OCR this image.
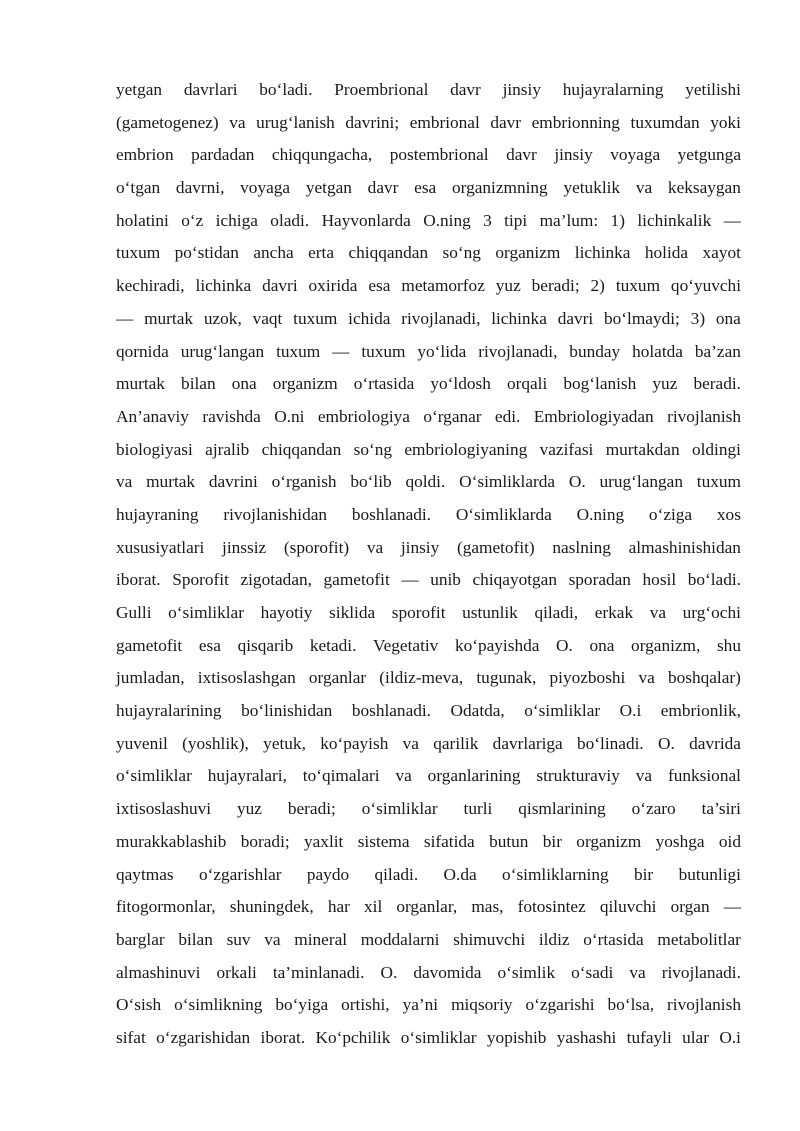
yetgan davrlari bo‘ladi. Proembrional davr jinsiy hujayralarning yetilishi
(gametogenez) va urug‘lanish davrini; embrional davr embrionning tuxumdan yoki
embrion pardadan chiqqungacha, postembrional davr jinsiy voyaga yetgunga
o‘tgan davrni, voyaga yetgan davr esa organizmning yetuklik va keksaygan
holatini o‘z ichiga oladi. Hayvonlarda O.ning 3 tipi ma’lum: 1) lichinkalik —
tuxum po‘stidan ancha erta chiqqandan so‘ng organizm lichinka holida xayot
kechiradi, lichinka davri oxirida esa metamorfoz yuz beradi; 2) tuxum qo‘yuvchi
— murtak uzok, vaqt tuxum ichida rivojlanadi, lichinka davri bo‘lmaydi; 3) ona
qornida urug‘langan tuxum — tuxum yo‘lida rivojlanadi, bunday holatda ba’zan
murtak bilan ona organizm o‘rtasida yo‘ldosh orqali bog‘lanish yuz beradi.
An’anaviy ravishda O.ni embriologiya o‘rganar edi. Embriologiyadan rivojlanish
biologiyasi ajralib chiqqandan so‘ng embriologiyaning vazifasi murtakdan oldingi
va murtak davrini o‘rganish bo‘lib qoldi. O‘simliklarda O. urug‘langan tuxum
hujayraning rivojlanishidan boshlanadi. O‘simliklarda O.ning o‘ziga xos
xususiyatlari jinssiz (sporofit) va jinsiy (gametofit) naslning almashinishidan
iborat. Sporofit zigotadan, gametofit — unib chiqayotgan sporadan hosil bo‘ladi.
Gulli o‘simliklar hayotiy siklida sporofit ustunlik qiladi, erkak va urg‘ochi
gametofit esa qisqarib ketadi. Vegetativ ko‘payishda O. ona organizm, shu
jumladan, ixtisoslashgan organlar (ildiz-meva, tugunak, piyozboshi va boshqalar)
hujayralarining bo‘linishidan boshlanadi. Odatda, o‘simliklar O.i embrionlik,
yuvenil (yoshlik), yetuk, ko‘payish va qarilik davrlariga bo‘linadi. O. davrida
o‘simliklar hujayralari, to‘qimalari va organlarining strukturaviy va funksional
ixtisoslashuvi yuz beradi; o‘simliklar turli qismlarining o‘zaro ta’siri
murakkablashib boradi; yaxlit sistema sifatida butun bir organizm yoshga oid
qaytmas o‘zgarishlar paydo qiladi. O.da o‘simliklarning bir butunligi
fitogormonlar, shuningdek, har xil organlar, mas, fotosintez qiluvchi organ —
barglar bilan suv va mineral moddalarni shimuvchi ildiz o‘rtasida metabolitlar
almashinuvi orkali ta’minlanadi. O. davomida o‘simlik o‘sadi va rivojlanadi.
O‘sish o‘simlikning bo‘yiga ortishi, ya’ni miqsoriy o‘zgarishi bo‘lsa, rivojlanish
sifat o‘zgarishidan iborat. Ko‘pchilik o‘simliklar yopishib yashashi tufayli ular O.i
